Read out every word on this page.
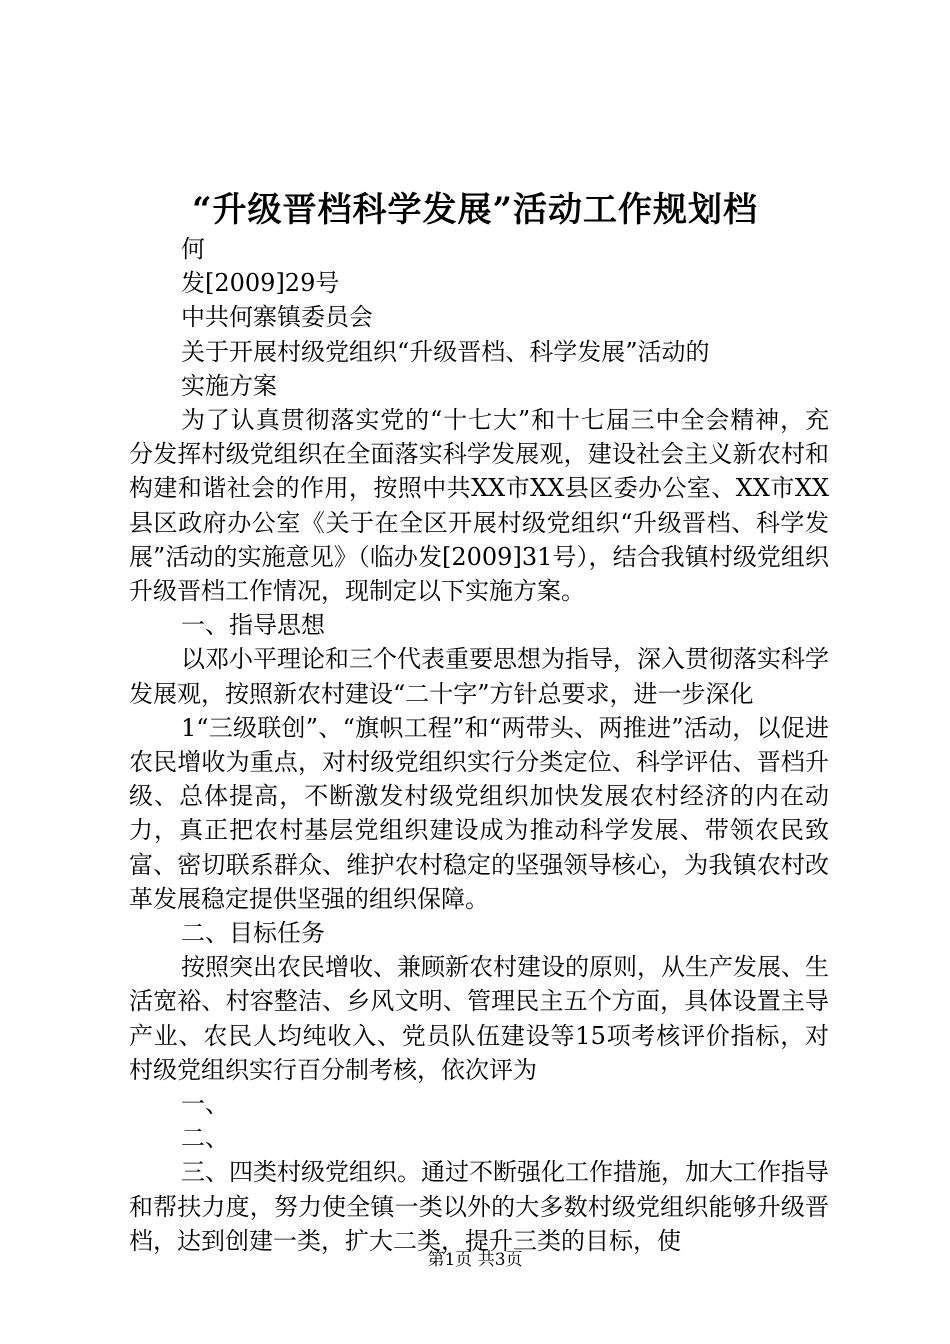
“升级晋档科学发展”活动工作规划档

何

发[2009]29号

中共何寨镇委员会

关于开展村级党组织“升级晋档、科学发展”活动的

实施方案

为了认真贯彻落实党的“十七大”和十七届三中全会精神，充分发挥村级党组织在全面落实科学发展观，建设社会主义新农村和构建和谐社会的作用，按照中共XX市XX县区委办公室、XX市XX县区政府办公室《关于在全区开展村级党组织“升级晋档、科学发展”活动的实施意见》（临办发[2009]31号），结合我镇村级党组织升级晋档工作情况，现制定以下实施方案。

一、指导思想

以邓小平理论和三个代表重要思想为指导，深入贯彻落实科学发展观，按照新农村建设“二十字”方针总要求，进一步深化

1“三级联创”、“旗帜工程”和“两带头、两推进”活动，以促进农民增收为重点，对村级党组织实行分类定位、科学评估、晋档升级、总体提高，不断激发村级党组织加快发展农村经济的内在动力，真正把农村基层党组织建设成为推动科学发展、带领农民致富、密切联系群众、维护农村稳定的坚强领导核心，为我镇农村改革发展稳定提供坚强的组织保障。

二、目标任务

按照突出农民增收、兼顾新农村建设的原则，从生产发展、生活宽裕、村容整洁、乡风文明、管理民主五个方面，具体设置主导产业、农民人均纯收入、党员队伍建设等15项考核评价指标，对村级党组织实行百分制考核，依次评为

一、

二、

三、四类村级党组织。通过不断强化工作措施，加大工作指导和帮扶力度，努力使全镇一类以外的大多数村级党组织能够升级晋档，达到创建一类，扩大二类，提升三类的目标，使

第1页 共3页
